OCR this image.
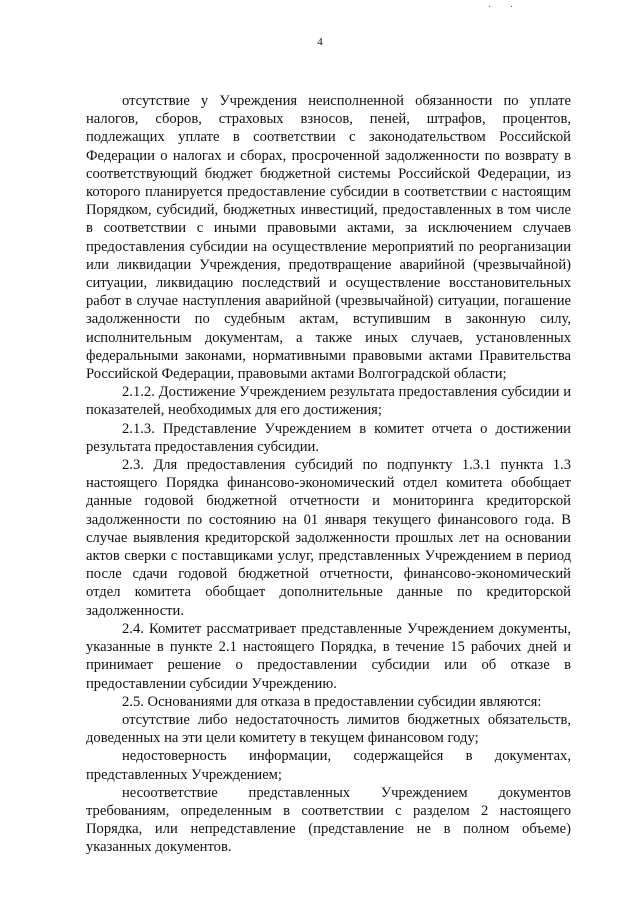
· ·
4

отсутствие у Учреждения неисполненной обязанности по уплате налогов, сборов, страховых взносов, пеней, штрафов, процентов, подлежащих уплате в соответствии с законодательством Российской Федерации о налогах и сборах, просроченной задолженности по возврату в соответствующий бюджет бюджетной системы Российской Федерации, из которого планируется предоставление субсидии в соответствии с настоящим Порядком, субсидий, бюджетных инвестиций, предоставленных в том числе в соответствии с иными правовыми актами, за исключением случаев предоставления субсидии на осуществление мероприятий по реорганизации или ликвидации Учреждения, предотвращение аварийной (чрезвычайной) ситуации, ликвидацию последствий и осуществление восстановительных работ в случае наступления аварийной (чрезвычайной) ситуации, погашение задолженности по судебным актам, вступившим в законную силу, исполнительным документам, а также иных случаев, установленных федеральными законами, нормативными правовыми актами Правительства Российской Федерации, правовыми актами Волгоградской области;

2.1.2. Достижение Учреждением результата предоставления субсидии и показателей, необходимых для его достижения;

2.1.3. Представление Учреждением в комитет отчета о достижении результата предоставления субсидии.

2.3. Для предоставления субсидий по подпункту 1.3.1 пункта 1.3 настоящего Порядка финансово-экономический отдел комитета обобщает данные годовой бюджетной отчетности и мониторинга кредиторской задолженности по состоянию на 01 января текущего финансового года. В случае выявления кредиторской задолженности прошлых лет на основании актов сверки с поставщиками услуг, представленных Учреждением в период после сдачи годовой бюджетной отчетности, финансово-экономический отдел комитета обобщает дополнительные данные по кредиторской задолженности.

2.4. Комитет рассматривает представленные Учреждением документы, указанные в пункте 2.1 настоящего Порядка, в течение 15 рабочих дней и принимает решение о предоставлении субсидии или об отказе в предоставлении субсидии Учреждению.

2.5. Основаниями для отказа в предоставлении субсидии являются:

отсутствие либо недостаточность лимитов бюджетных обязательств, доведенных на эти цели комитету в текущем финансовом году;

недостоверность информации, содержащейся в документах, представленных Учреждением;

несоответствие представленных Учреждением документов требованиям, определенным в соответствии с разделом 2 настоящего Порядка, или непредставление (представление не в полном объеме) указанных документов.
